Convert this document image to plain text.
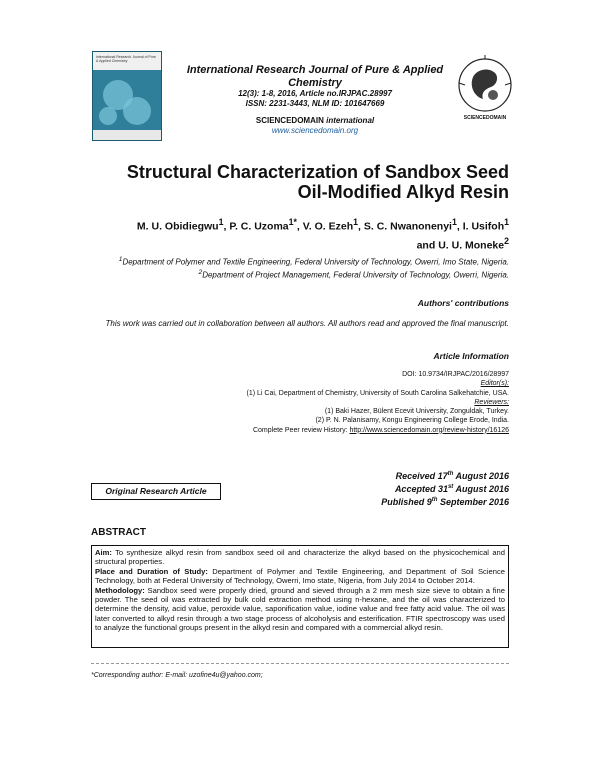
International Research Journal of Pure & Applied Chemistry
International Research Journal of Pure & Applied Chemistry
12(3): 1-8, 2016, Article no.IRJPAC.28997
ISSN: 2231-3443, NLM ID: 101647669
SCIENCEDOMAIN international
www.sciencedomain.org
SCIENCEDOMAIN
Structural Characterization of Sandbox Seed Oil-Modified Alkyd Resin
M. U. Obidiegwu$^1$, P. C. Uzoma$^{1*}$, V. O. Ezeh$^1$, S. C. Nwanonenyi$^1$, I. Usifoh$^1$
and U. U. Moneke$^2$
$^1$Department of Polymer and Textile Engineering, Federal University of Technology, Owerri, Imo State, Nigeria.
$^2$Department of Project Management, Federal University of Technology, Owerri, Nigeria.
Authors' contributions
This work was carried out in collaboration between all authors. All authors read and approved the final manuscript.
Article Information
DOI: 10.9734/IRJPAC/2016/28997
Editor(s):
(1) Li Cai, Department of Chemistry, University of South Carolina Salkehatchie, USA.
Reviewers:
(1) Baki Hazer, Bülent Ecevit University, Zonguldak, Turkey.
(2) P. N. Palanisamy, Kongu Engineering College Erode, India.
Complete Peer review History: http://www.sciencedomain.org/review-history/16126
Received 17th August 2016
Accepted 31st August 2016
Published 9th September 2016
Original Research Article
ABSTRACT
Aim: To synthesize alkyd resin from sandbox seed oil and characterize the alkyd based on the physicochemical and structural properties.
Place and Duration of Study: Department of Polymer and Textile Engineering, and Department of Soil Science Technology, both at Federal University of Technology, Owerri, Imo state, Nigeria, from July 2014 to October 2014.
Methodology: Sandbox seed were properly dried, ground and sieved through a 2 mm mesh size sieve to obtain a fine powder. The seed oil was extracted by bulk cold extraction method using n-hexane, and the oil was characterized to determine the density, acid value, peroxide value, saponification value, iodine value and free fatty acid value. The oil was later converted to alkyd resin through a two stage process of alcoholysis and esterification. FTIR spectroscopy was used to analyze the functional groups present in the alkyd resin and compared with a commercial alkyd resin.
*Corresponding author: E-mail: uzofine4u@yahoo.com;
